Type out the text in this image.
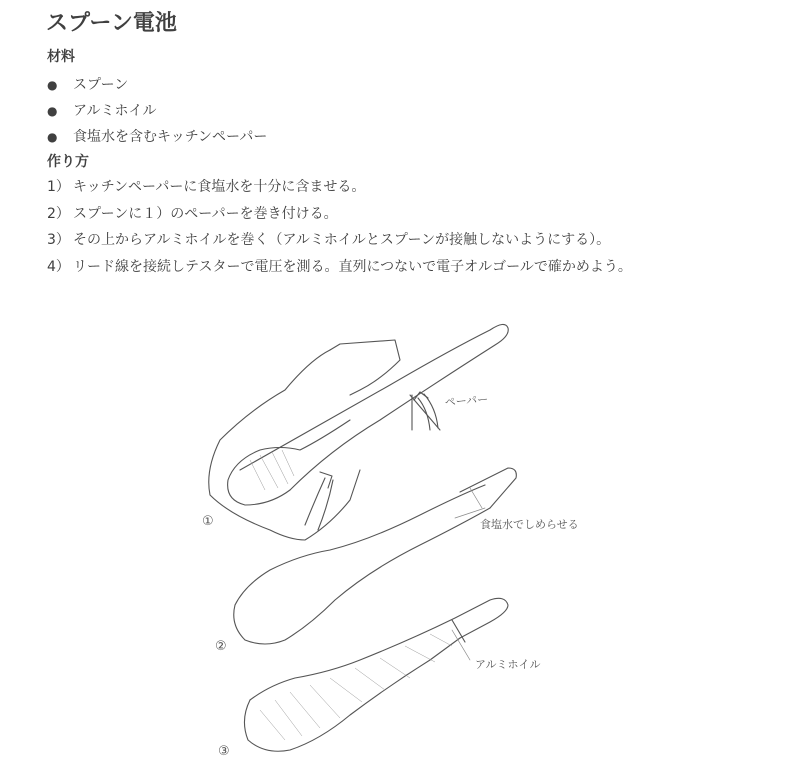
スプーン電池
材料
●	スプーン
●	アルミホイル
●	食塩水を含むキッチンペーパー
作り方
1） キッチンペーパーに食塩水を十分に含ませる。
2） スプーンに１）のペーパーを巻き付ける。
3） その上からアルミホイルを巻く（アルミホイルとスプーンが接触しないようにする）。
4） リード線を接続しテスターで電圧を測る。直列につないで電子オルゴールで確かめよう。
ペーパー
①	食塩水でしめらせる
②
アルミホイル
③
